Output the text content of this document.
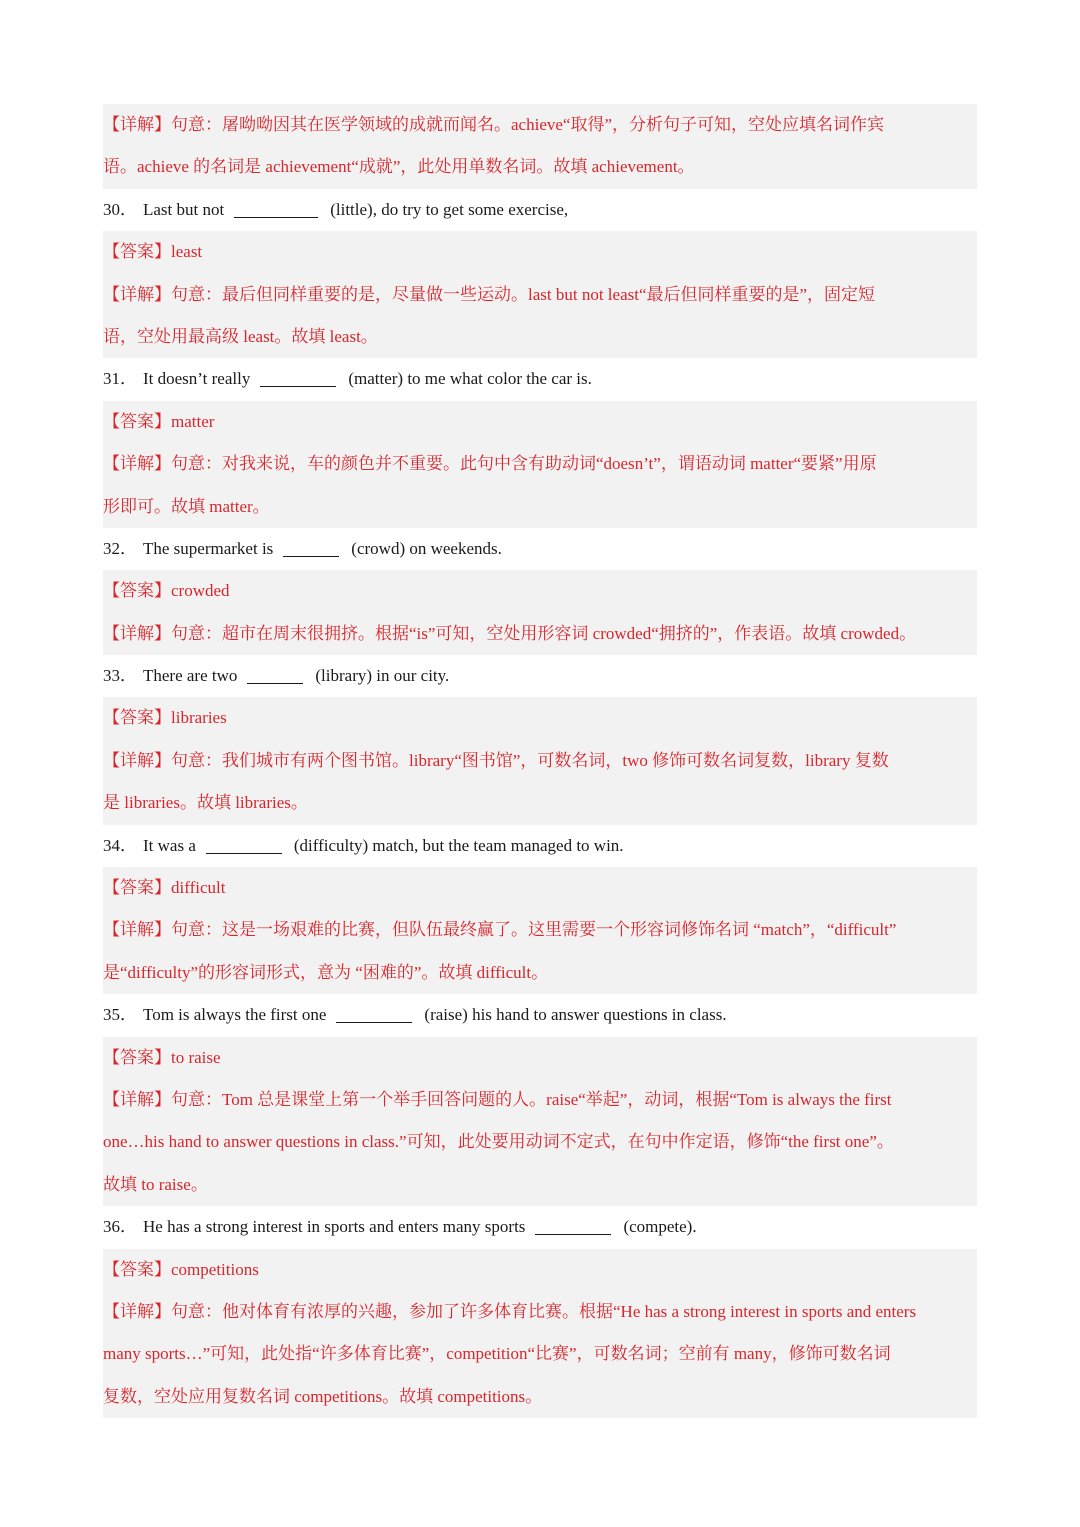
【详解】句意：屠呦呦因其在医学领域的成就而闻名。achieve“取得”，分析句子可知，空处应填名词作宾
语。achieve 的名词是 achievement“成就”，此处用单数名词。故填 achievement。
30． Last but not	(little), do try to get some exercise,
【答案】least
【详解】句意：最后但同样重要的是，尽量做一些运动。last but not least“最后但同样重要的是”，固定短
语，空处用最高级 least。故填 least。
31． It doesn’t really	(matter) to me what color the car is.
【答案】matter
【详解】句意：对我来说，车的颜色并不重要。此句中含有助动词“doesn’t”，谓语动词 matter“要紧”用原
形即可。故填 matter。
32． The supermarket is	(crowd) on weekends.
【答案】crowded
【详解】句意：超市在周末很拥挤。根据“is”可知，空处用形容词 crowded“拥挤的”，作表语。故填 crowded。
33． There are two	(library) in our city.
【答案】libraries
【详解】句意：我们城市有两个图书馆。library“图书馆”，可数名词，two 修饰可数名词复数，library 复数
是 libraries。故填 libraries。
34． It was a	(difficulty) match, but the team managed to win.
【答案】difficult
【详解】句意：这是一场艰难的比赛，但队伍最终赢了。这里需要一个形容词修饰名词 “match”，“difficult”
是“difficulty”的形容词形式，意为 “困难的”。故填 difficult。
35． Tom is always the first one	(raise) his hand to answer questions in class.
【答案】to raise
【详解】句意：Tom 总是课堂上第一个举手回答问题的人。raise“举起”，动词，根据“Tom is always the first
one…his hand to answer questions in class.”可知，此处要用动词不定式，在句中作定语，修饰“the first one”。
故填 to raise。
36． He has a strong interest in sports and enters many sports	(compete).
【答案】competitions
【详解】句意：他对体育有浓厚的兴趣，参加了许多体育比赛。根据“He has a strong interest in sports and enters
many sports…”可知，此处指“许多体育比赛”，competition“比赛”，可数名词；空前有 many，修饰可数名词
复数，空处应用复数名词 competitions。故填 competitions。
